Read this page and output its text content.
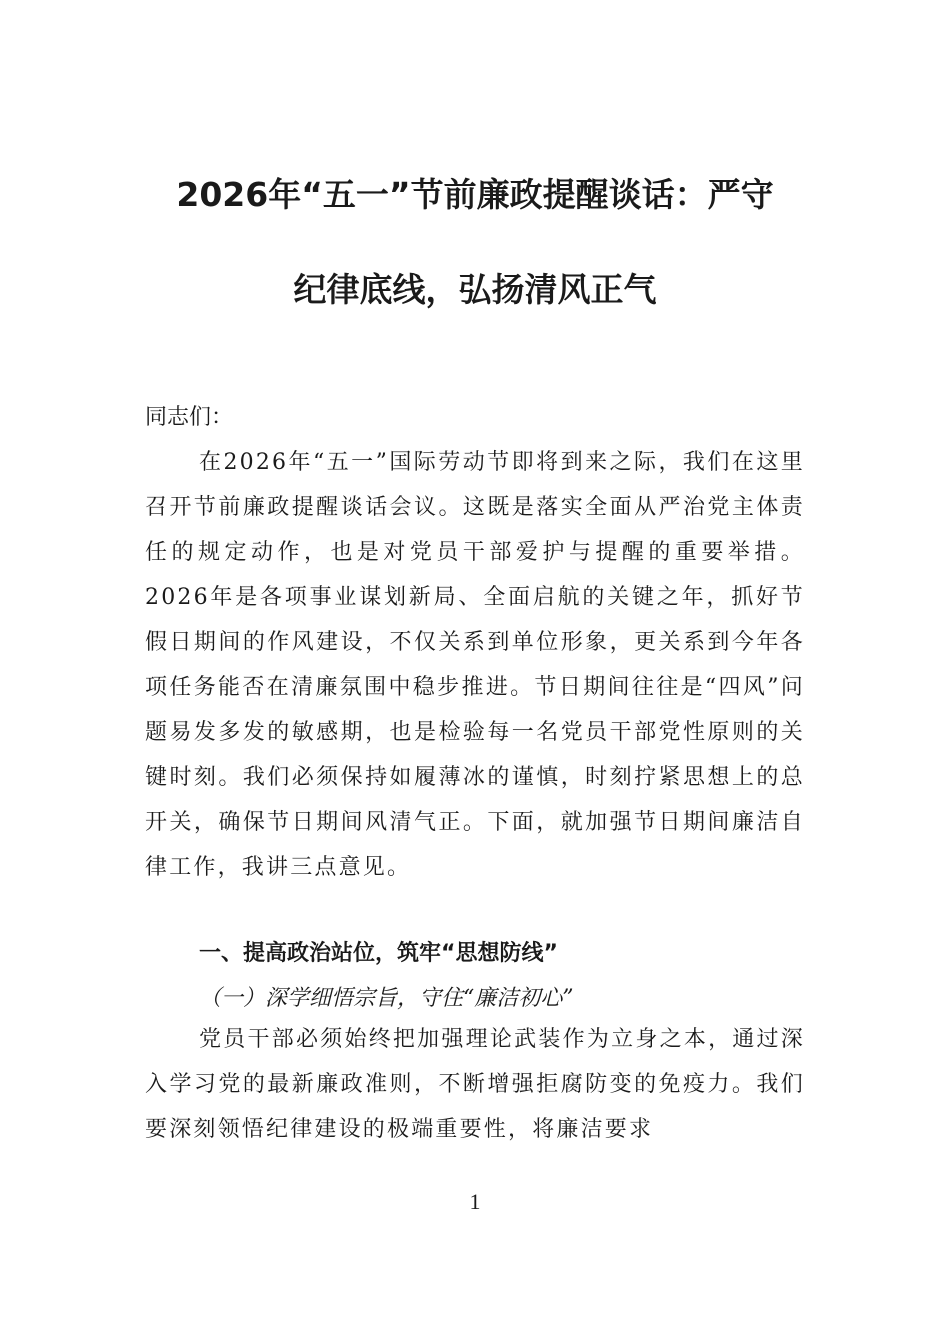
2026年“五一”节前廉政提醒谈话：严守
纪律底线，弘扬清风正气
同志们：

在2026年“五一”国际劳动节即将到来之际，我们在这里召开节前廉政提醒谈话会议。这既是落实全面从严治党主体责任的规定动作，也是对党员干部爱护与提醒的重要举措。2026年是各项事业谋划新局、全面启航的关键之年，抓好节假日期间的作风建设，不仅关系到单位形象，更关系到今年各项任务能否在清廉氛围中稳步推进。节日期间往往是“四风”问题易发多发的敏感期，也是检验每一名党员干部党性原则的关键时刻。我们必须保持如履薄冰的谨慎，时刻拧紧思想上的总开关，确保节日期间风清气正。下面，就加强节日期间廉洁自律工作，我讲三点意见。

一、提高政治站位，筑牢“思想防线”
（一）深学细悟宗旨，守住“廉洁初心”

党员干部必须始终把加强理论武装作为立身之本，通过深入学习党的最新廉政准则，不断增强拒腐防变的免疫力。我们要深刻领悟纪律建设的极端重要性，将廉洁要求

1
